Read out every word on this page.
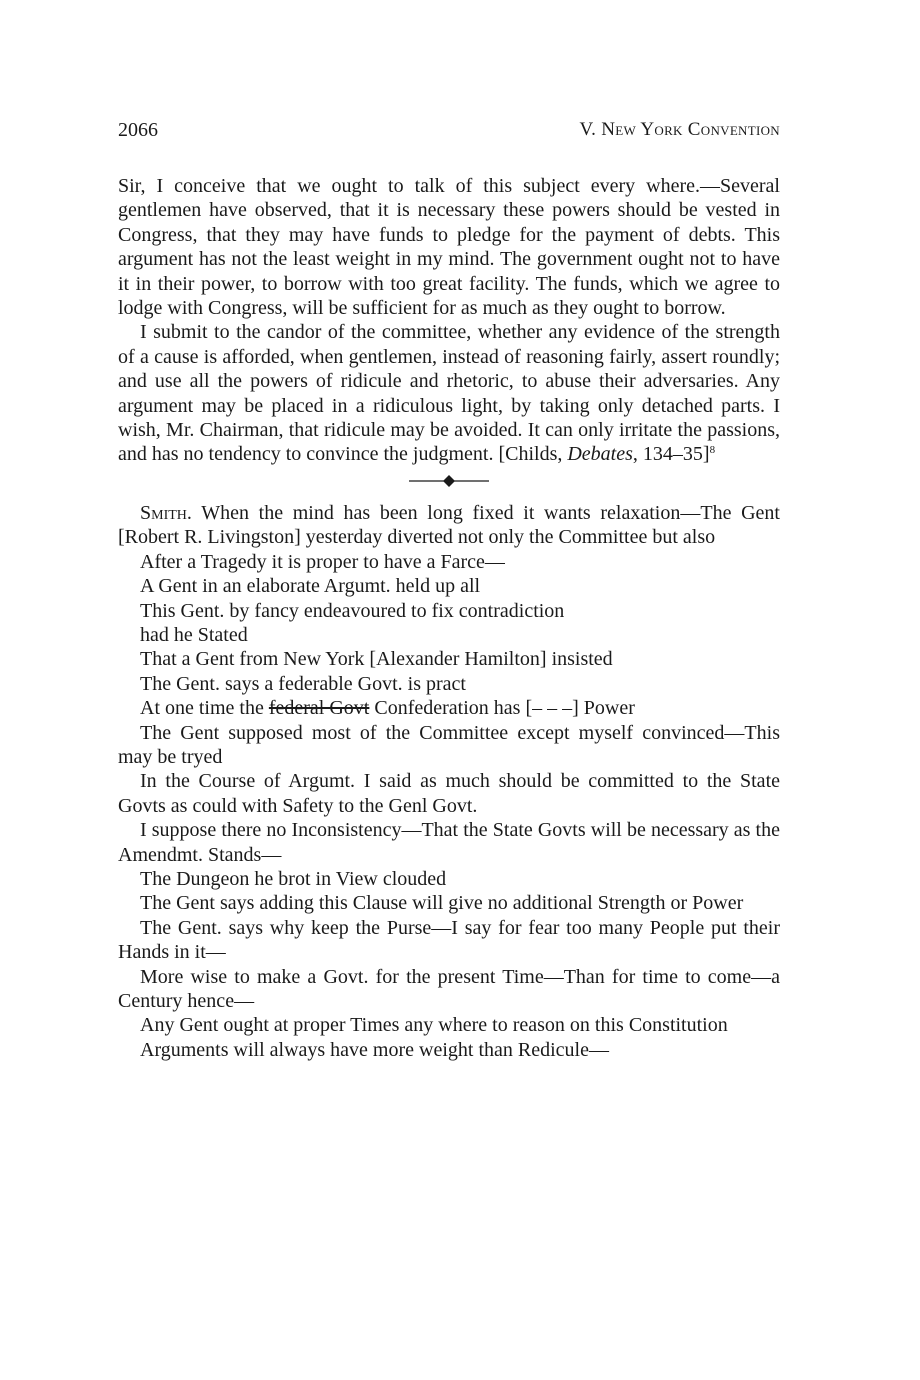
2066	V. New York Convention

Sir, I conceive that we ought to talk of this subject every where.—Several gentlemen have observed, that it is necessary these powers should be vested in Congress, that they may have funds to pledge for the payment of debts. This argument has not the least weight in my mind. The government ought not to have it in their power, to borrow with too great facility. The funds, which we agree to lodge with Congress, will be sufficient for as much as they ought to borrow.

I submit to the candor of the committee, whether any evidence of the strength of a cause is afforded, when gentlemen, instead of reasoning fairly, assert roundly; and use all the powers of ridicule and rhetoric, to abuse their adversaries. Any argument may be placed in a ridiculous light, by taking only detached parts. I wish, Mr. Chairman, that ridicule may be avoided. It can only irritate the passions, and has no tendency to convince the judgment. [Childs, Debates, 134–35]$^8$

Smith. When the mind has been long fixed it wants relaxation—The Gent [Robert R. Livingston] yesterday diverted not only the Committee but also

After a Tragedy it is proper to have a Farce—

A Gent in an elaborate Argumt. held up all

This Gent. by fancy endeavoured to fix contradiction

had he Stated

That a Gent from New York [Alexander Hamilton] insisted

The Gent. says a federable Govt. is pract

At one time the federal Govt Confederation has [– – –] Power

The Gent supposed most of the Committee except myself convinced—This may be tryed

In the Course of Argumt. I said as much should be committed to the State Govts as could with Safety to the Genl Govt.

I suppose there no Inconsistency—That the State Govts will be necessary as the Amendmt. Stands—

The Dungeon he brot in View clouded

The Gent says adding this Clause will give no additional Strength or Power

The Gent. says why keep the Purse—I say for fear too many People put their Hands in it—

More wise to make a Govt. for the present Time—Than for time to come—a Century hence—

Any Gent ought at proper Times any where to reason on this Constitution

Arguments will always have more weight than Redicule—
